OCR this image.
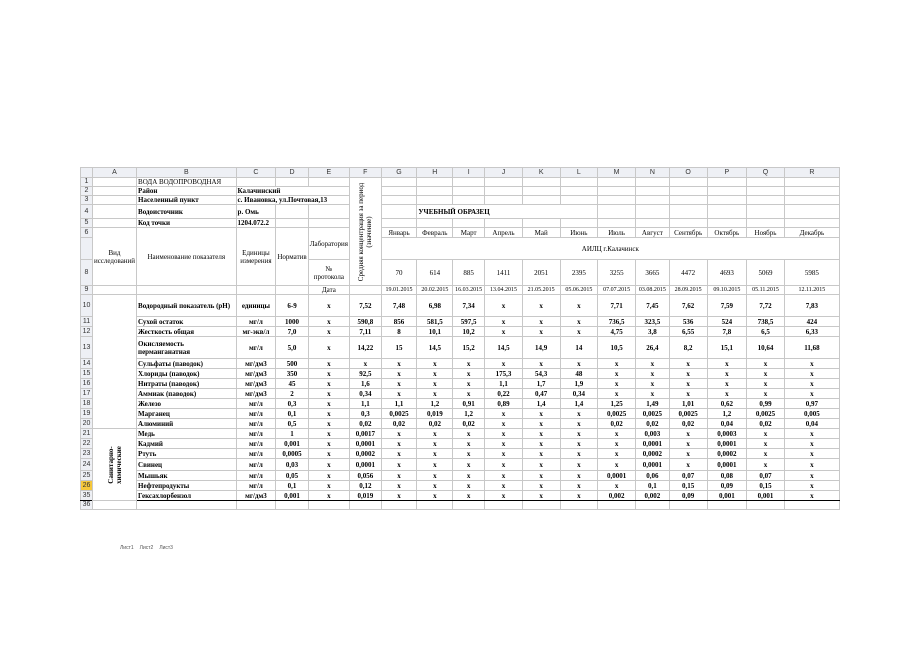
	A	B	C	D	E	F	G	H	I	J	K	L	M	N	O	P	Q	R
1		ВОДА ВОДОПРОВОДНАЯ				Средняя концентрация за период (значение)												

2		Район	Калачинский															
3		Населенный пункт	с. Ивановка, ул.Почтовая,13															
4		Водоисточник	р. Омь					УЧЕБНЫЙ ОБРАЗЕЦ										
5		Код точки	1204.072.2															
6	Вид исследований	Наименование показателя	Единицы измерения	Норматив	Лаборатория		Январь	Февраль	Март	Апрель	Май	Июнь	Июль	Август	Сентябрь	Октябрь	Ноябрь	Декабрь
							АИЛЦ г.Калачинск											
8					№ протокола		70	614	885	1411	2051	2395	3255	3665	4472	4693	5069	5985
9					Дата		19.01.2015	20.02.2015	16.03.2015	13.04.2015	21.05.2015	05.06.2015	07.07.2015	03.08.2015	28.09.2015	09.10.2015	05.11.2015	12.11.2015
10		Водородный показатель (pH)	единицы	6-9	х	7,52	7,48	6,98	7,34	х	х	х	7,71	7,45	7,62	7,59	7,72	7,83
11		Сухой остаток	мг/л	1000	х	590,8	856	581,5	597,5	х	х	х	736,5	323,5	536	524	738,5	424
12		Жесткость общая	мг-экв/л	7,0	х	7,11	8	10,1	10,2	х	х	х	4,75	3,8	6,55	7,8	6,5	6,33
13		Окисляемость перманганатная	мг/л	5,0	х	14,22	15	14,5	15,2	14,5	14,9	14	10,5	26,4	8,2	15,1	10,64	11,68
14		Сульфаты (паводок)	мг/дм3	500	х	х	х	х	х	х	х	х	х	х	х	х	х	х
15		Хлориды (паводок)	мг/дм3	350	х	92,5	х	х	х	175,3	54,3	48	х	х	х	х	х	х
16		Нитраты (паводок)	мг/дм3	45	х	1,6	х	х	х	1,1	1,7	1,9	х	х	х	х	х	х
17		Аммиак (паводок)	мг/дм3	2	х	0,34	х	х	х	0,22	0,47	0,34	х	х	х	х	х	х
18		Железо	мг/л	0,3	х	1,1	1,1	1,2	0,91	0,89	1,4	1,4	1,25	1,49	1,01	0,62	0,99	0,97
19		Марганец	мг/л	0,1	х	0,3	0,0025	0,019	1,2	х	х	х	0,0025	0,0025	0,0025	1,2	0,0025	0,005
20		Алюминий	мг/л	0,5	х	0,02	0,02	0,02	0,02	х	х	х	0,02	0,02	0,02	0,04	0,02	0,04
21	Санитарно-химические	Медь	мг/л	1	х	0,0017	х	х	х	х	х	х	х	0,003	х	0,0003	х	х
22		Кадмий	мг/л	0,001	х	0,0001	х	х	х	х	х	х	х	0,0001	х	0,0001	х	х
23		Ртуть	мг/л	0,0005	х	0,0002	х	х	х	х	х	х	х	0,0002	х	0,0002	х	х
24		Свинец	мг/л	0,03	х	0,0001	х	х	х	х	х	х	х	0,0001	х	0,0001	х	х
25		Мышьяк	мг/л	0,05	х	0,056	х	х	х	х	х	х	0,0001	0,06	0,07	0,08	0,07	х
26		Нефтепродукты	мг/л	0,1	х	0,12	х	х	х	х	х	х	х	0,1	0,15	0,09	0,15	х
35		Гексахлорбензол	мг/дм3	0,001	х	0,019	х	х	х	х	х	х	0,002	0,002	0,09	0,001	0,001	х
36																		
Лист1 Лист2 Лист3
